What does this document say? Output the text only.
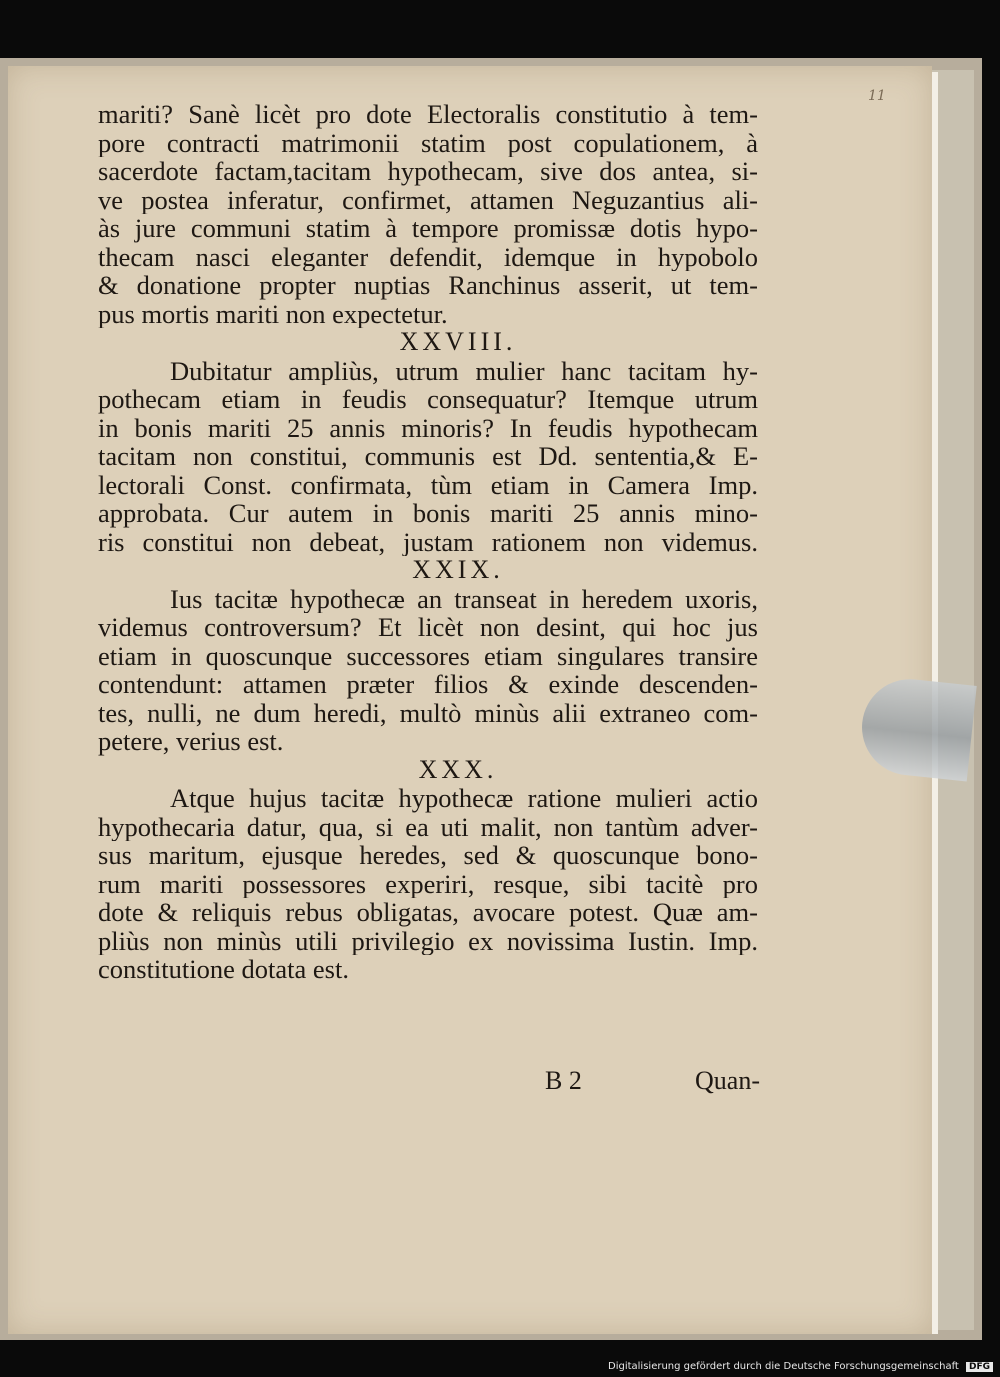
11
mariti? Sanè licèt pro dote Electoralis constitutio à tem-
pore contracti matrimonii statim post copulationem, à
sacerdote factam,tacitam hypothecam, sive dos antea, si-
ve postea inferatur, confirmet, attamen Neguzantius ali-
às jure communi statim à tempore promissæ dotis hypo-
thecam nasci eleganter defendit, idemque in hypobolo
& donatione propter nuptias Ranchinus asserit, ut tem-
pus mortis mariti non expectetur.
XXVIII.
Dubitatur ampliùs, utrum mulier hanc tacitam hy-
pothecam etiam in feudis consequatur? Itemque utrum
in bonis mariti 25 annis minoris? In feudis hypothecam
tacitam non constitui, communis est Dd. sententia,& E-
lectorali Const. confirmata, tùm etiam in Camera Imp.
approbata. Cur autem in bonis mariti 25 annis mino-
ris constitui non debeat, justam rationem non videmus.
XXIX.
Ius tacitæ hypothecæ an transeat in heredem uxoris,
videmus controversum? Et licèt non desint, qui hoc jus
etiam in quoscunque successores etiam singulares transire
contendunt: attamen præter filios & exinde descenden-
tes, nulli, ne dum heredi, multò minùs alii extraneo com-
petere, verius est.
XXX.
Atque hujus tacitæ hypothecæ ratione mulieri actio
hypothecaria datur, qua, si ea uti malit, non tantùm adver-
sus maritum, ejusque heredes, sed & quoscunque bono-
rum mariti possessores experiri, resque, sibi tacitè pro
dote & reliquis rebus obligatas, avocare potest. Quæ am-
pliùs non minùs utili privilegio ex novissima Iustin. Imp.
constitutione dotata est.
B 2	Quan-
Digitalisierung gefördert durch die Deutsche Forschungsgemeinschaft DFG
